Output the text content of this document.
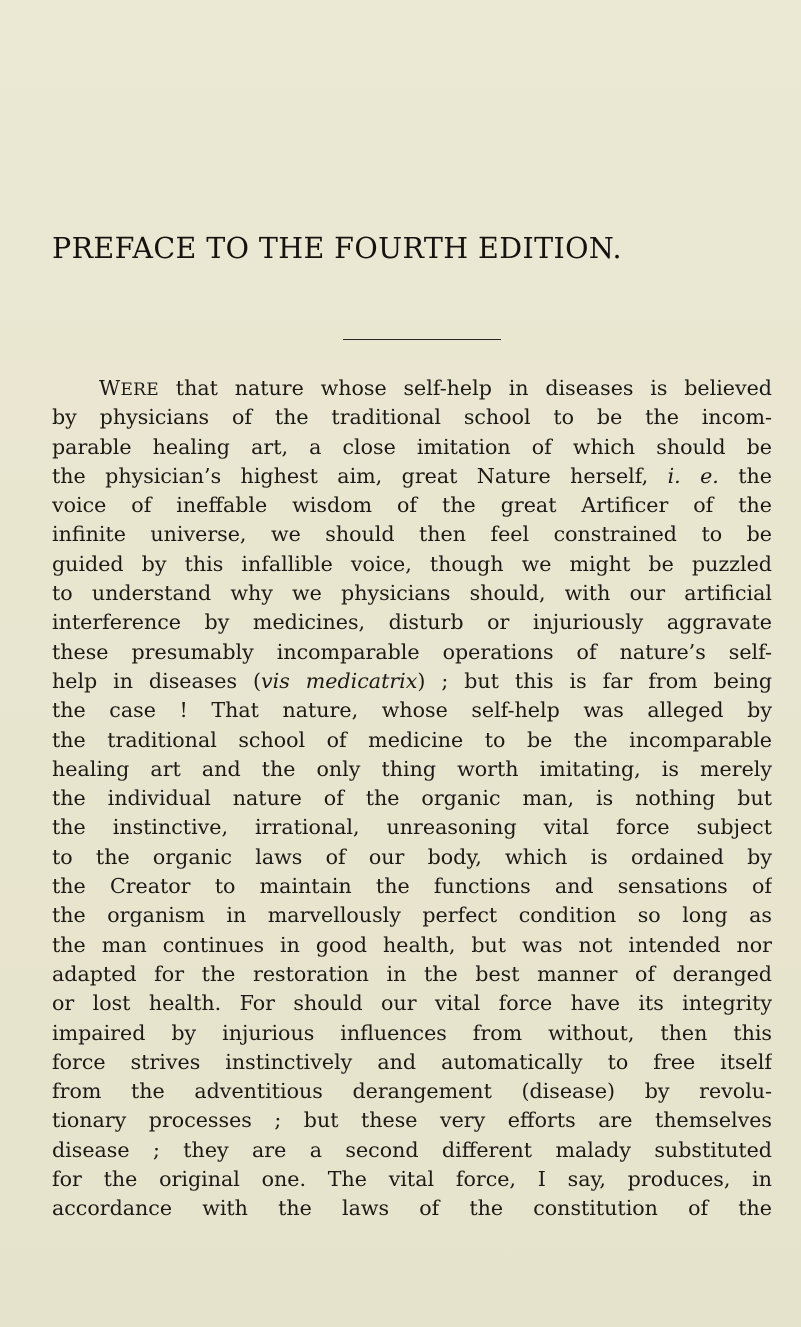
PREFACE TO THE FOURTH EDITION.
WERE that nature whose self-help in diseases is believed
by physicians of the traditional school to be the incom-
parable healing art, a close imitation of which should be
the physician’s highest aim, great Nature herself, i. e. the
voice of ineffable wisdom of the great Artificer of the
infinite universe, we should then feel constrained to be
guided by this infallible voice, though we might be puzzled
to understand why we physicians should, with our artificial
interference by medicines, disturb or injuriously aggravate
these presumably incomparable operations of nature’s self-
help in diseases (vis medicatrix) ; but this is far from being
the case ! That nature, whose self-help was alleged by
the traditional school of medicine to be the incomparable
healing art and the only thing worth imitating, is merely
the individual nature of the organic man, is nothing but
the instinctive, irrational, unreasoning vital force subject
to the organic laws of our body, which is ordained by
the Creator to maintain the functions and sensations of
the organism in marvellously perfect condition so long as
the man continues in good health, but was not intended nor
adapted for the restoration in the best manner of deranged
or lost health. For should our vital force have its integrity
impaired by injurious influences from without, then this
force strives instinctively and automatically to free itself
from the adventitious derangement (disease) by revolu-
tionary processes ; but these very efforts are themselves
disease ; they are a second different malady substituted
for the original one. The vital force, I say, produces, in
accordance with the laws of the constitution of the
